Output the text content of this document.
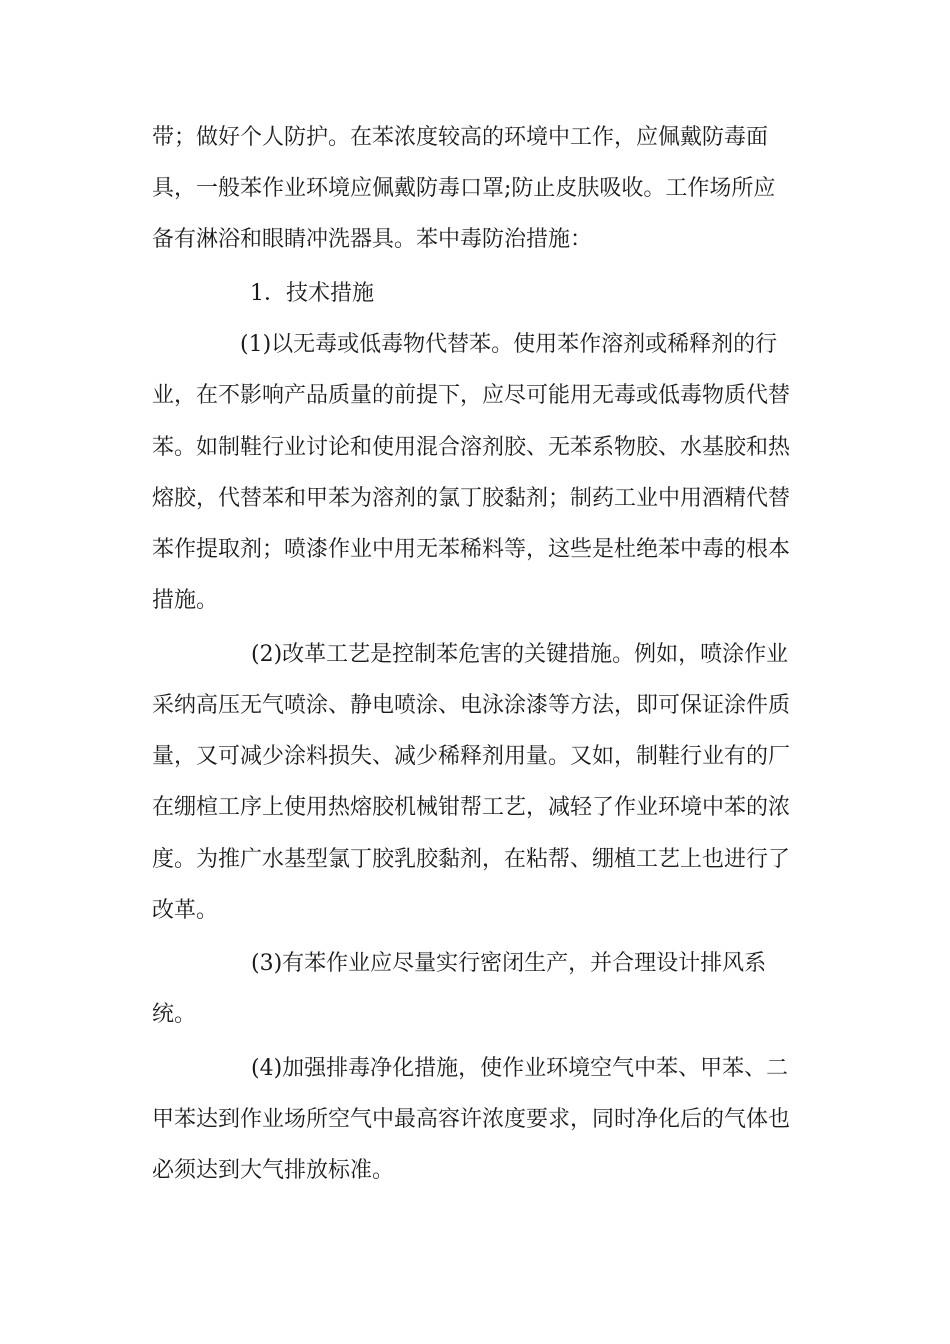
带；做好个人防护。在苯浓度较高的环境中工作，应佩戴防毒面
具，一般苯作业环境应佩戴防毒口罩;防止皮肤吸收。工作场所应
备有淋浴和眼睛冲洗器具。苯中毒防治措施：
1．技术措施
(1)以无毒或低毒物代替苯。使用苯作溶剂或稀释剂的行
业，在不影响产品质量的前提下，应尽可能用无毒或低毒物质代替
苯。如制鞋行业讨论和使用混合溶剂胶、无苯系物胶、水基胶和热
熔胶，代替苯和甲苯为溶剂的氯丁胶黏剂；制药工业中用酒精代替
苯作提取剂；喷漆作业中用无苯稀料等，这些是杜绝苯中毒的根本
措施。
(2)改革工艺是控制苯危害的关键措施。例如，喷涂作业
采纳高压无气喷涂、静电喷涂、电泳涂漆等方法，即可保证涂件质
量，又可减少涂料损失、减少稀释剂用量。又如，制鞋行业有的厂
在绷楦工序上使用热熔胶机械钳帮工艺，减轻了作业环境中苯的浓
度。为推广水基型氯丁胶乳胶黏剂，在粘帮、绷植工艺上也进行了
改革。
(3)有苯作业应尽量实行密闭生产，并合理设计排风系
统。
(4)加强排毒净化措施，使作业环境空气中苯、甲苯、二
甲苯达到作业场所空气中最高容许浓度要求，同时净化后的气体也
必须达到大气排放标准。
